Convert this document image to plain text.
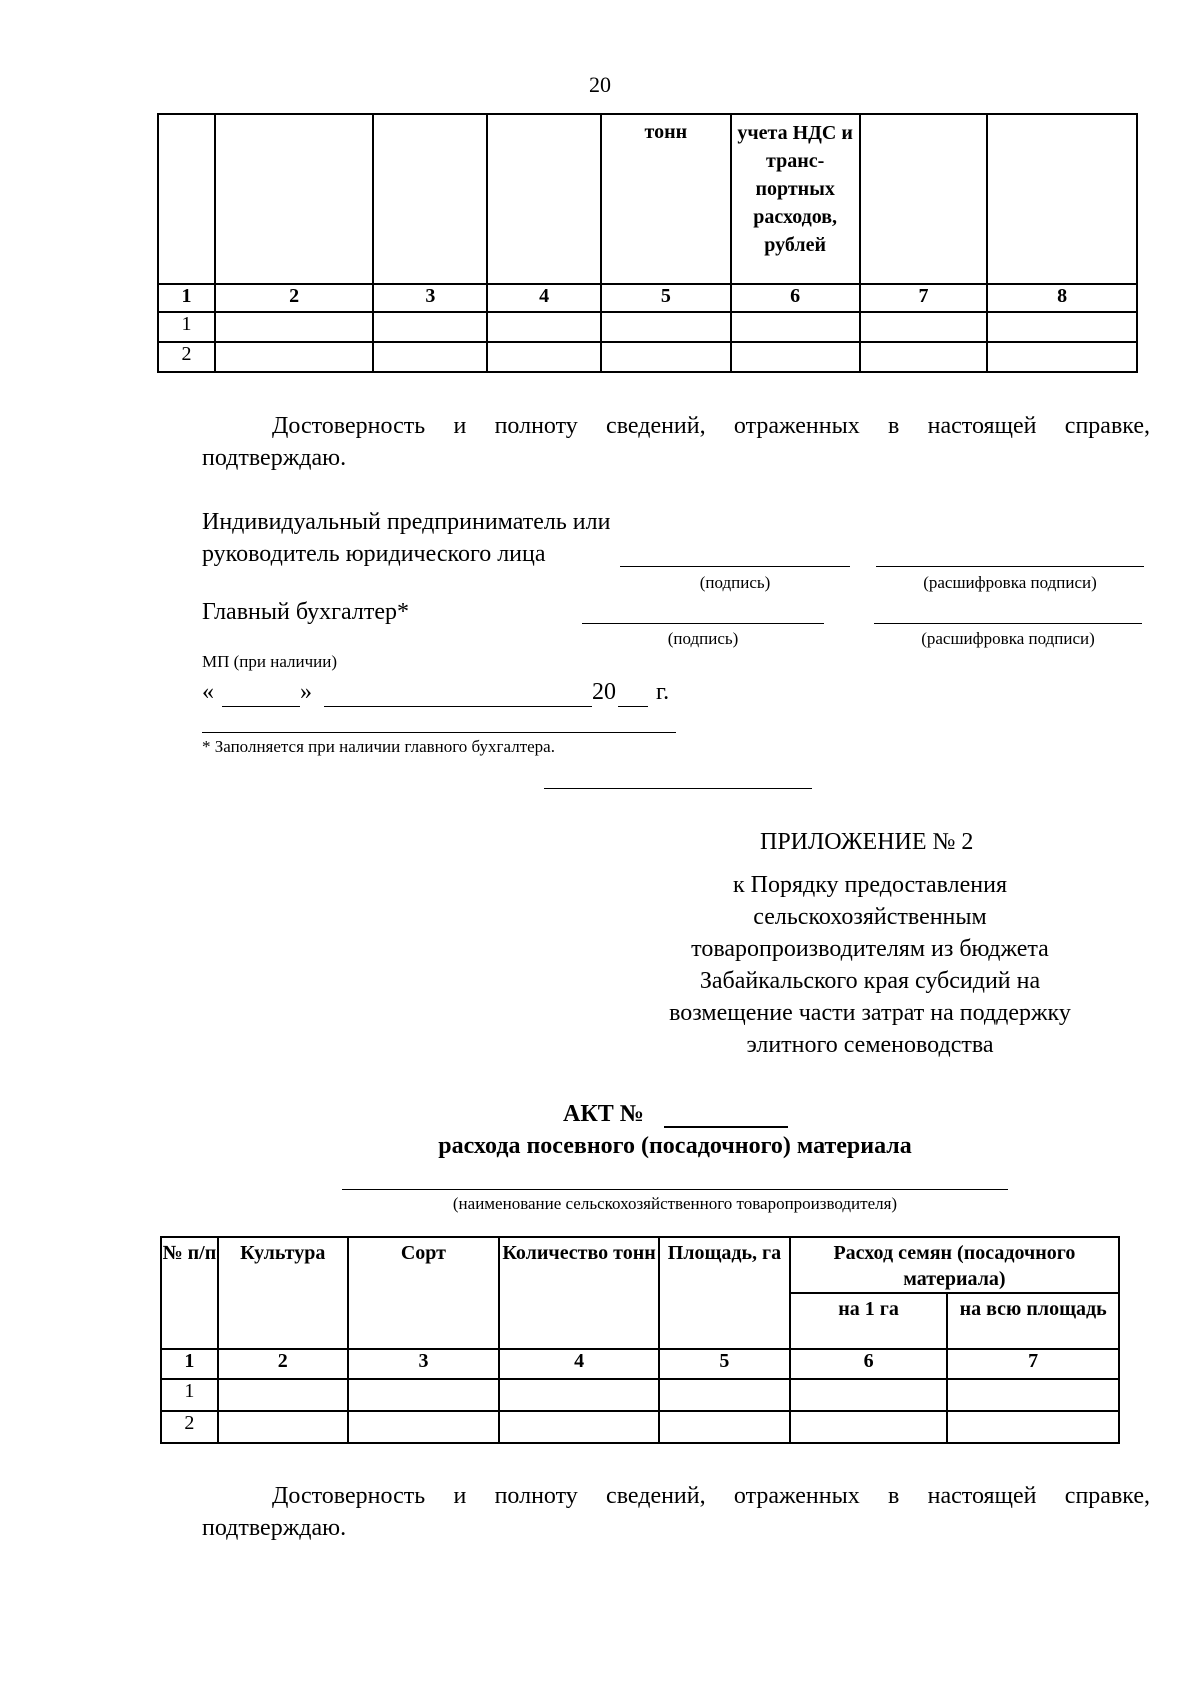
20
				тонн	учета НДС и транс-портных расходов, рублей		
1	2	3	4	5	6	7	8
1							
2							
Достоверность и полноту сведений, отраженных в настоящей справке,
подтверждаю.
Индивидуальный предприниматель или
руководитель юридического лица
(подпись)	(расшифровка подписи)
Главный бухгалтер*
(подпись)	(расшифровка подписи)
МП (при наличии)
«	»	20 г.
* Заполняется при наличии главного бухгалтера.
ПРИЛОЖЕНИЕ № 2
к Порядку предоставления
сельскохозяйственным
товаропроизводителям из бюджета
Забайкальского края субсидий на
возмещение части затрат на поддержку
элитного семеноводства
АКТ №
расхода посевного (посадочного) материала
(наименование сельскохозяйственного товаропроизводителя)
№ п/п	Культура	Сорт	Количество тонн	Площадь, га	Расход семян (посадочного материала)	
					на 1 га	на всю площадь
1	2	3	4	5	6	7
1						
2						
Достоверность и полноту сведений, отраженных в настоящей справке,
подтверждаю.
